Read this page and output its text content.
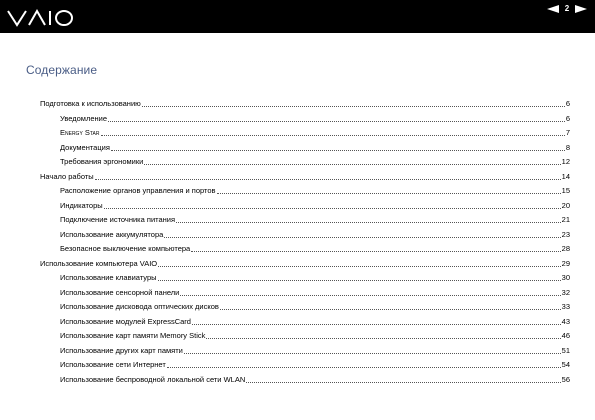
2
Содержание
Подготовка к использованию	6
Уведомление	6
Energy Star	7
Документация	8
Требования эргономики	12
Начало работы	14
Расположение органов управления и портов	15
Индикаторы	20
Подключение источника питания	21
Использование аккумулятора	23
Безопасное выключение компьютера	28
Использование компьютера VAIO	29
Использование клавиатуры	30
Использование сенсорной панели	32
Использование дисковода оптических дисков	33
Использование модулей ExpressCard	43
Использование карт памяти Memory Stick	46
Использование других карт памяти	51
Использование сети Интернет	54
Использование беспроводной локальной сети WLAN	56
